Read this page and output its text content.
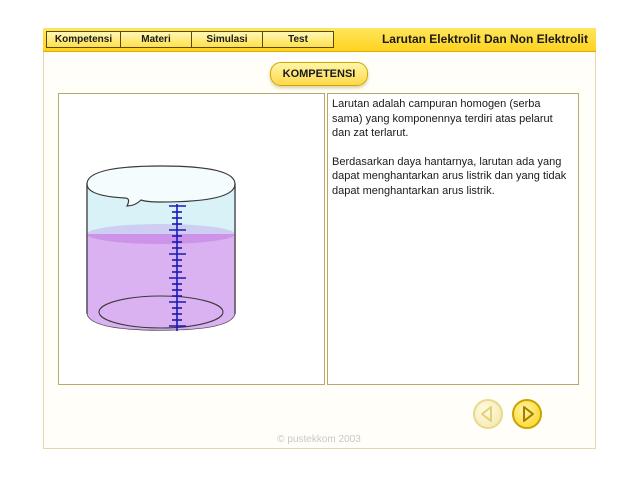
Kompetensi	Materi	Simulasi	Test	Larutan Elektrolit Dan Non Elektrolit
KOMPETENSI

Larutan adalah campuran homogen (serba sama) yang komponennya terdiri atas pelarut dan zat terlarut.

Berdasarkan daya hantarnya, larutan ada yang dapat menghantarkan arus listrik dan yang tidak dapat menghantarkan arus listrik.

© pustekkom 2003
